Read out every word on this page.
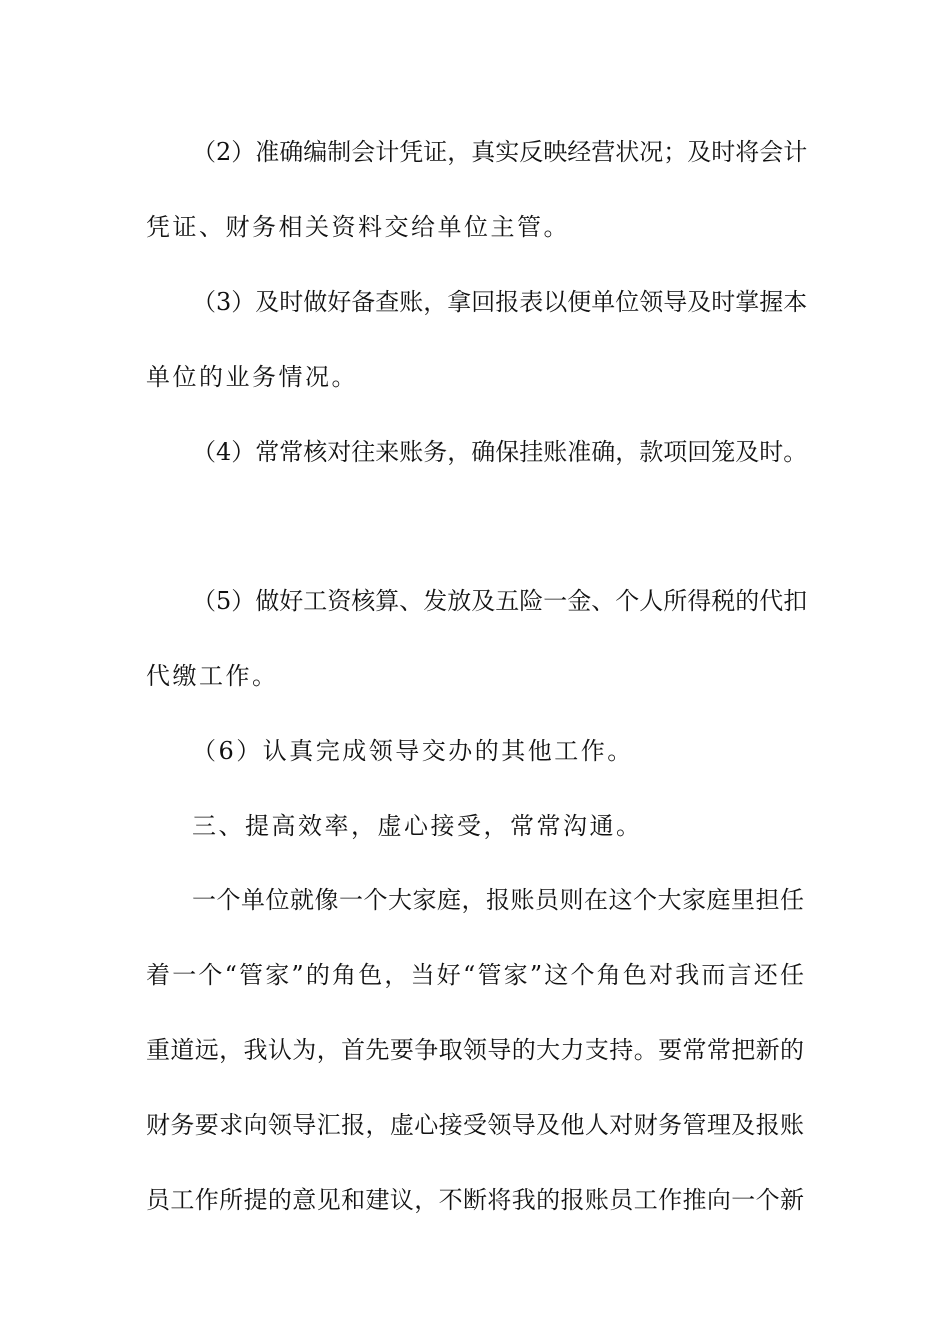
（2）准确编制会计凭证，真实反映经营状况；及时将会计
凭证、财务相关资料交给单位主管。
（3）及时做好备查账，拿回报表以便单位领导及时掌握本
单位的业务情况。
（4）常常核对往来账务，确保挂账准确，款项回笼及时。
（5）做好工资核算、发放及五险一金、个人所得税的代扣
代缴工作。
（6）认真完成领导交办的其他工作。
三、提高效率，虚心接受，常常沟通。
一个单位就像一个大家庭，报账员则在这个大家庭里担任
着一个“管家”的角色，当好“管家”这个角色对我而言还任
重道远，我认为，首先要争取领导的大力支持。要常常把新的
财务要求向领导汇报，虚心接受领导及他人对财务管理及报账
员工作所提的意见和建议，不断将我的报账员工作推向一个新
